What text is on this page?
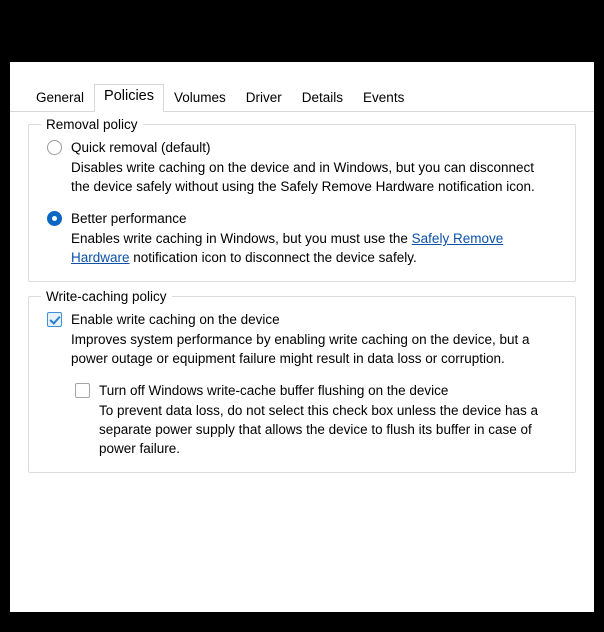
General	Policies	Volumes	Driver	Details	Events
Removal policy
Quick removal (default)
Disables write caching on the device and in Windows, but you can disconnect the device safely without using the Safely Remove Hardware notification icon.
Better performance
Enables write caching in Windows, but you must use the Safely Remove Hardware notification icon to disconnect the device safely.
Write-caching policy
Enable write caching on the device
Improves system performance by enabling write caching on the device, but a power outage or equipment failure might result in data loss or corruption.
Turn off Windows write-cache buffer flushing on the device
To prevent data loss, do not select this check box unless the device has a separate power supply that allows the device to flush its buffer in case of power failure.
